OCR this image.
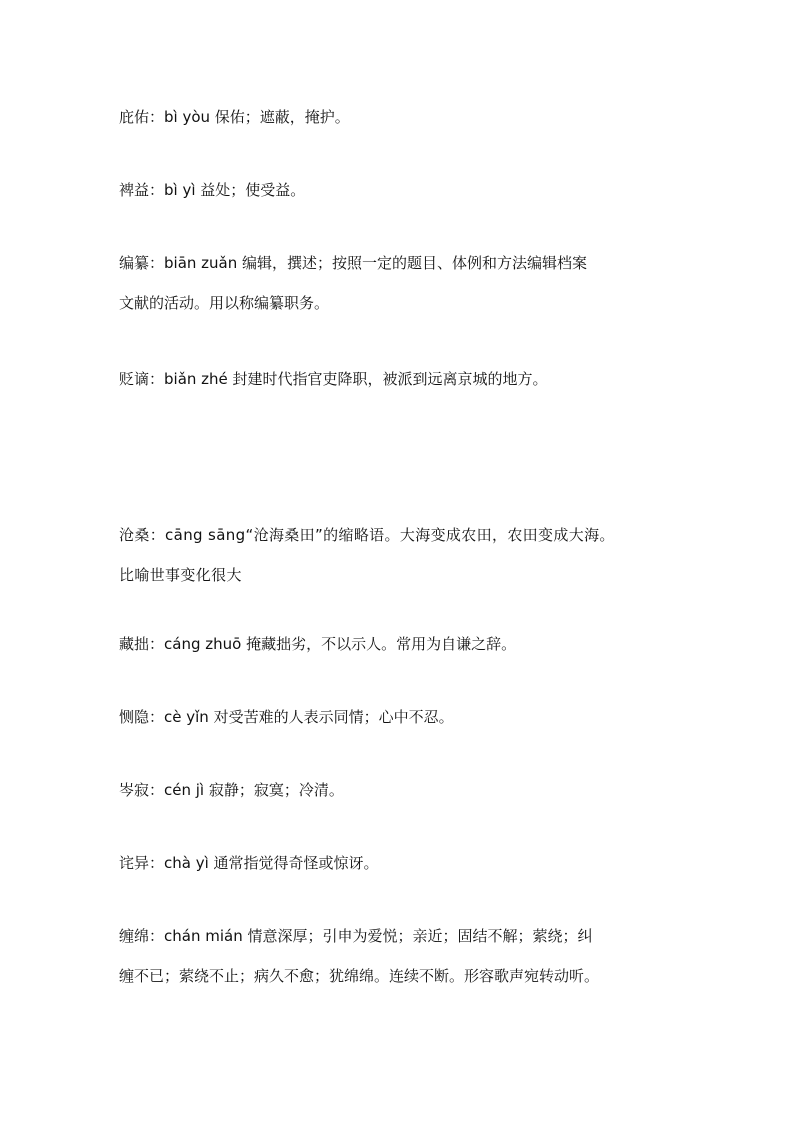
庇佑：bì yòu 保佑；遮蔽，掩护。
裨益：bì yì 益处；使受益。
编纂：biān zuǎn 编辑，撰述；按照一定的题目、体例和方法编辑档案
文献的活动。用以称编纂职务。
贬谪：biǎn zhé 封建时代指官吏降职，被派到远离京城的地方。
沧桑：cāng sāng“沧海桑田”的缩略语。大海变成农田，农田变成大海。
比喻世事变化很大
藏拙：cáng zhuō 掩藏拙劣，不以示人。常用为自谦之辞。
恻隐：cè yǐn 对受苦难的人表示同情；心中不忍。
岑寂：cén jì 寂静；寂寞；冷清。
诧异：chà yì 通常指觉得奇怪或惊讶。
缠绵：chán mián 情意深厚；引申为爱悦；亲近；固结不解；萦绕；纠
缠不已；萦绕不止；病久不愈；犹绵绵。连续不断。形容歌声宛转动听。
